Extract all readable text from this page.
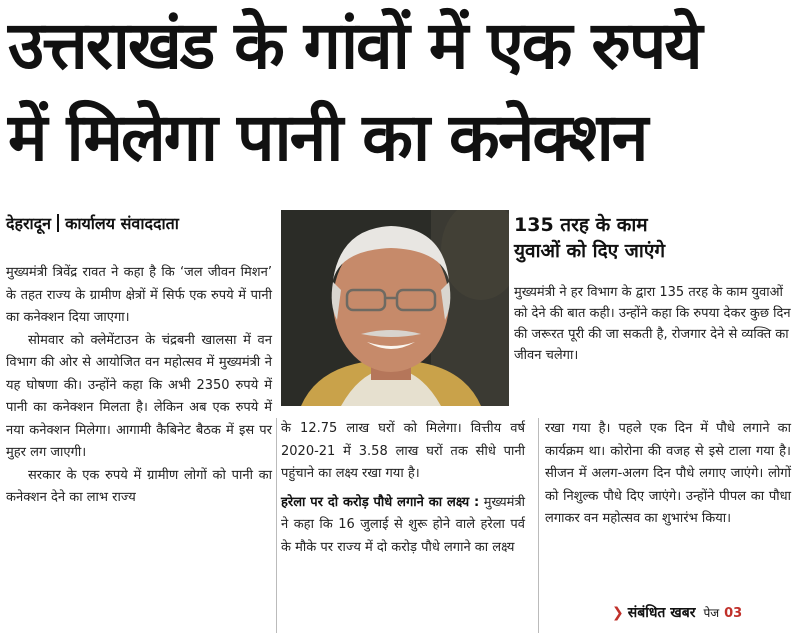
उत्तराखंड के गांवों में एक रुपये
में मिलेगा पानी का कनेक्शन
देहरादून कार्यालय संवाददाता	135 तरह के काम
युवाओं को दिए जाएंगे
मुख्यमंत्री ने हर विभाग के द्वारा 135 तरह के काम युवाओं को देने की बात कही। उन्होंने कहा कि रुपया देकर कुछ दिन की जरूरत पूरी की जा सकती है, रोजगार देने से व्यक्ति का जीवन चलेगा।

मुख्यमंत्री त्रिवेंद्र रावत ने कहा है कि ‘जल जीवन मिशन’ के तहत राज्य के ग्रामीण क्षेत्रों में सिर्फ एक रुपये में पानी का कनेक्शन दिया जाएगा।

सोमवार को क्लेमेंटाउन के चंद्रबनी खालसा में वन विभाग की ओर से आयोजित वन महोत्सव में मुख्यमंत्री ने यह घोषणा की। उन्होंने कहा कि अभी 2350 रुपये में पानी का कनेक्शन मिलता है। लेकिन अब एक रुपये में नया कनेक्शन मिलेगा। आगामी कैबिनेट बैठक में इस पर मुहर लग जाएगी।

सरकार के एक रुपये में ग्रामीण लोगों को पानी का कनेक्शन देने का लाभ राज्य

के 12.75 लाख घरों को मिलेगा। वित्तीय वर्ष 2020-21 में 3.58 लाख घरों तक सीधे पानी पहुंचाने का लक्ष्य रखा गया है।

हरेला पर दो करोड़ पौधे लगाने का लक्ष्य : मुख्यमंत्री ने कहा कि 16 जुलाई से शुरू होने वाले हरेला पर्व के मौके पर राज्य में दो करोड़ पौधे लगाने का लक्ष्य

रखा गया है। पहले एक दिन में पौधे लगाने का कार्यक्रम था। कोरोना की वजह से इसे टाला गया है। सीजन में अलग-अलग दिन पौधे लगाए जाएंगे। लोगों को निशुल्क पौधे दिए जाएंगे। उन्होंने पीपल का पौधा लगाकर वन महोत्सव का शुभारंभ किया।

❯ संबंधित खबर पेज 03
